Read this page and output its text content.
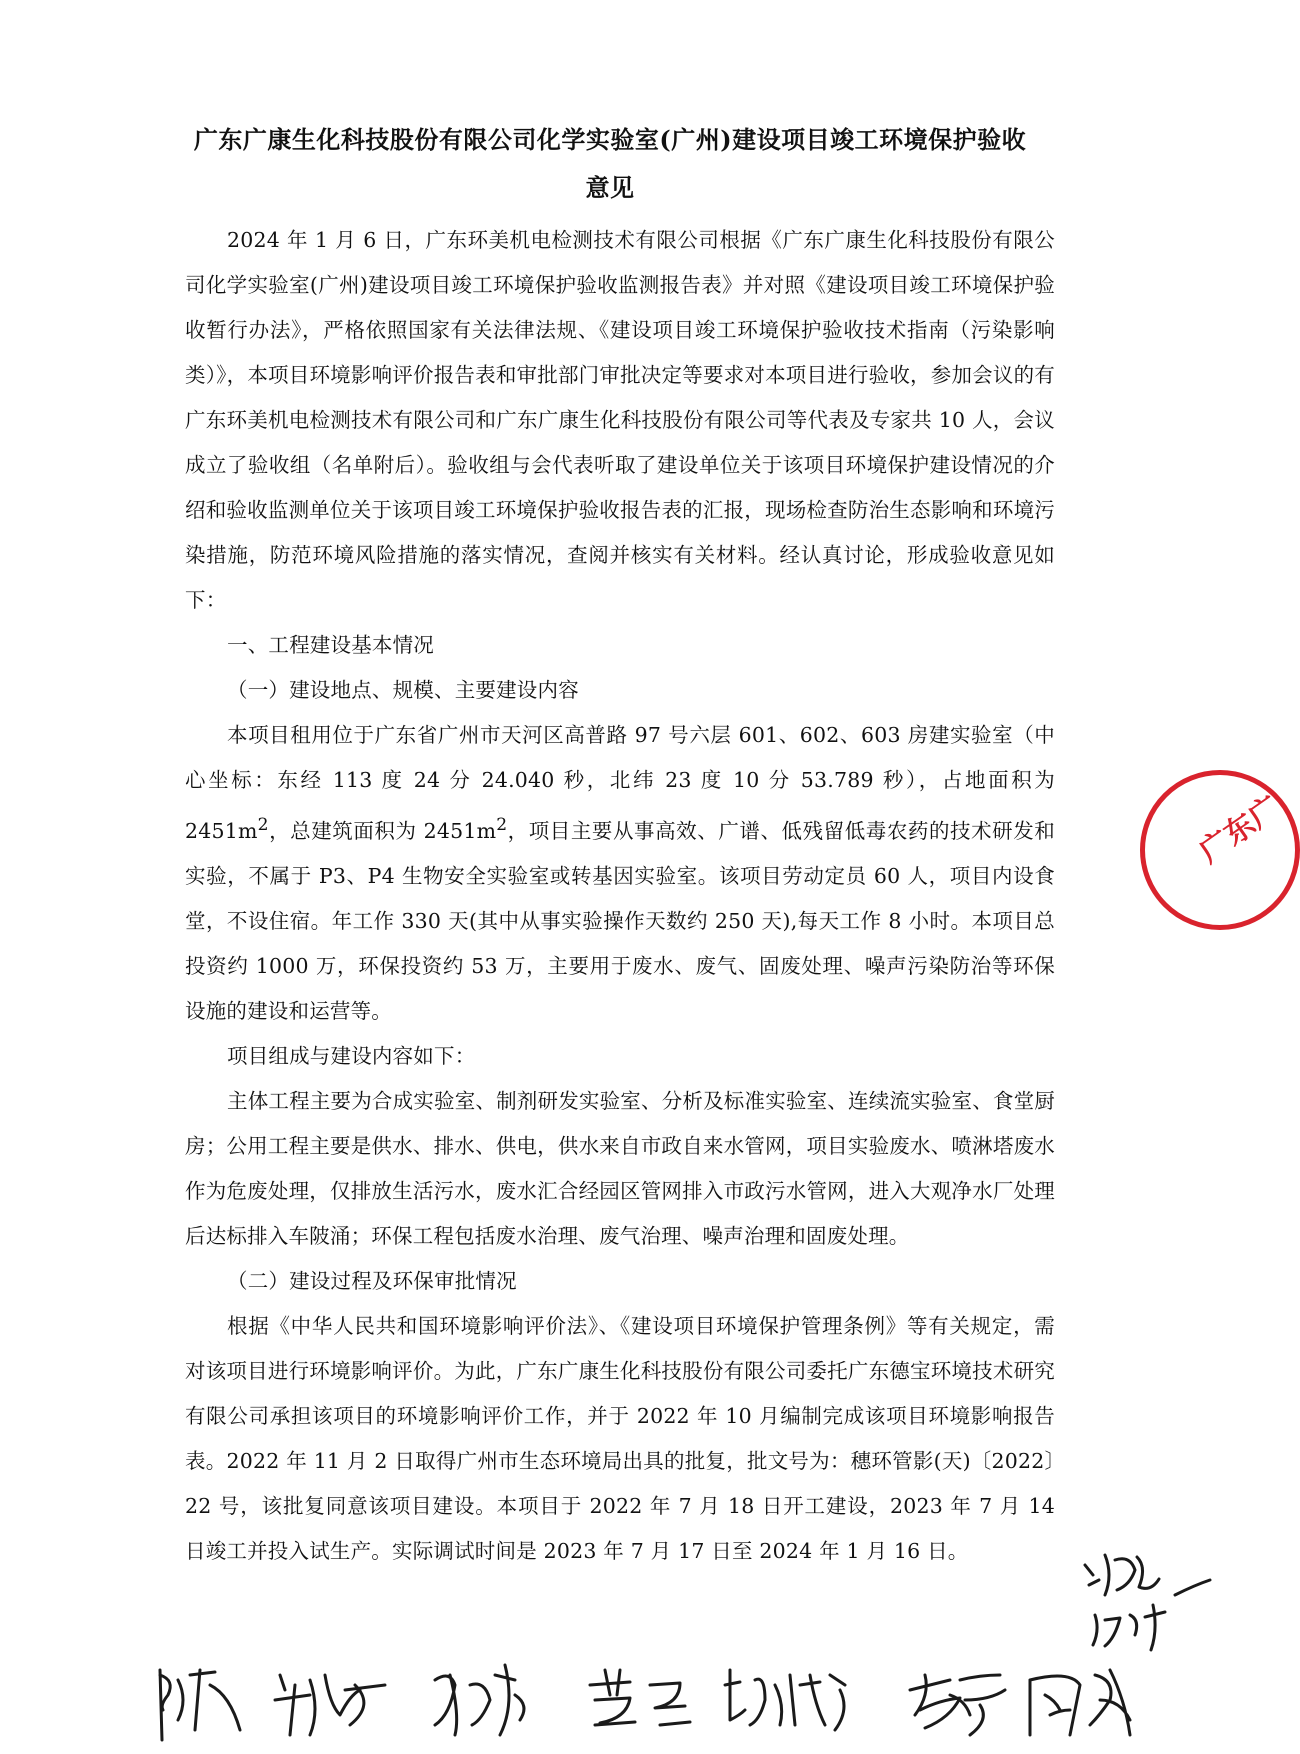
广东广康生化科技股份有限公司化学实验室(广州)建设项目竣工环境保护验收
意见

2024 年 1 月 6 日，广东环美机电检测技术有限公司根据《广东广康生化科技股份有限公司化学实验室(广州)建设项目竣工环境保护验收监测报告表》并对照《建设项目竣工环境保护验收暂行办法》，严格依照国家有关法律法规、《建设项目竣工环境保护验收技术指南（污染影响类）》，本项目环境影响评价报告表和审批部门审批决定等要求对本项目进行验收，参加会议的有广东环美机电检测技术有限公司和广东广康生化科技股份有限公司等代表及专家共 10 人，会议成立了验收组（名单附后）。验收组与会代表听取了建设单位关于该项目环境保护建设情况的介绍和验收监测单位关于该项目竣工环境保护验收报告表的汇报，现场检查防治生态影响和环境污染措施，防范环境风险措施的落实情况，查阅并核实有关材料。经认真讨论，形成验收意见如下：

一、工程建设基本情况

（一）建设地点、规模、主要建设内容

本项目租用位于广东省广州市天河区高普路 97 号六层 601、602、603 房建实验室（中心坐标：东经 113 度 24 分 24.040 秒，北纬 23 度 10 分 53.789 秒），占地面积为 $2451m^2$，总建筑面积为 $2451m^2$，项目主要从事高效、广谱、低残留低毒农药的技术研发和实验，不属于 P3、P4 生物安全实验室或转基因实验室。该项目劳动定员 60 人，项目内设食堂，不设住宿。年工作 330 天(其中从事实验操作天数约 250 天),每天工作 8 小时。本项目总投资约 1000 万，环保投资约 53 万，主要用于废水、废气、固废处理、噪声污染防治等环保设施的建设和运营等。

项目组成与建设内容如下：

主体工程主要为合成实验室、制剂研发实验室、分析及标准实验室、连续流实验室、食堂厨房；公用工程主要是供水、排水、供电，供水来自市政自来水管网，项目实验废水、喷淋塔废水作为危废处理，仅排放生活污水，废水汇合经园区管网排入市政污水管网，进入大观净水厂处理后达标排入车陂涌；环保工程包括废水治理、废气治理、噪声治理和固废处理。

（二）建设过程及环保审批情况

根据《中华人民共和国环境影响评价法》、《建设项目环境保护管理条例》等有关规定，需对该项目进行环境影响评价。为此，广东广康生化科技股份有限公司委托广东德宝环境技术研究有限公司承担该项目的环境影响评价工作，并于 2022 年 10 月编制完成该项目环境影响报告表。2022 年 11 月 2 日取得广州市生态环境局出具的批复，批文号为：穗环管影(天)〔2022〕22 号，该批复同意该项目建设。本项目于 2022 年 7 月 18 日开工建设，2023 年 7 月 14 日竣工并投入试生产。实际调试时间是 2023 年 7 月 17 日至 2024 年 1 月 16 日。

广东广
